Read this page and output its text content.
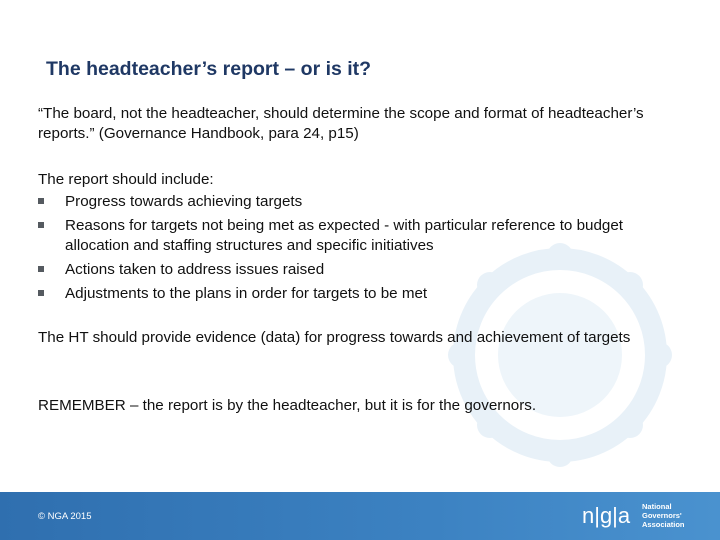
The headteacher’s report – or is it?

“The board, not the headteacher, should determine the scope and format of headteacher’s reports.” (Governance Handbook, para 24, p15)

The report should include:

Progress towards achieving targets
Reasons for targets not being met as expected - with particular reference to budget allocation and staffing structures and specific initiatives
Actions taken to address issues raised
Adjustments to the plans in order for targets to be met

The HT should provide evidence (data) for progress towards and achievement of targets

REMEMBER – the report is by the headteacher, but it is for the governors.

© NGA 2015	n|g|a National
Governors'
Association
